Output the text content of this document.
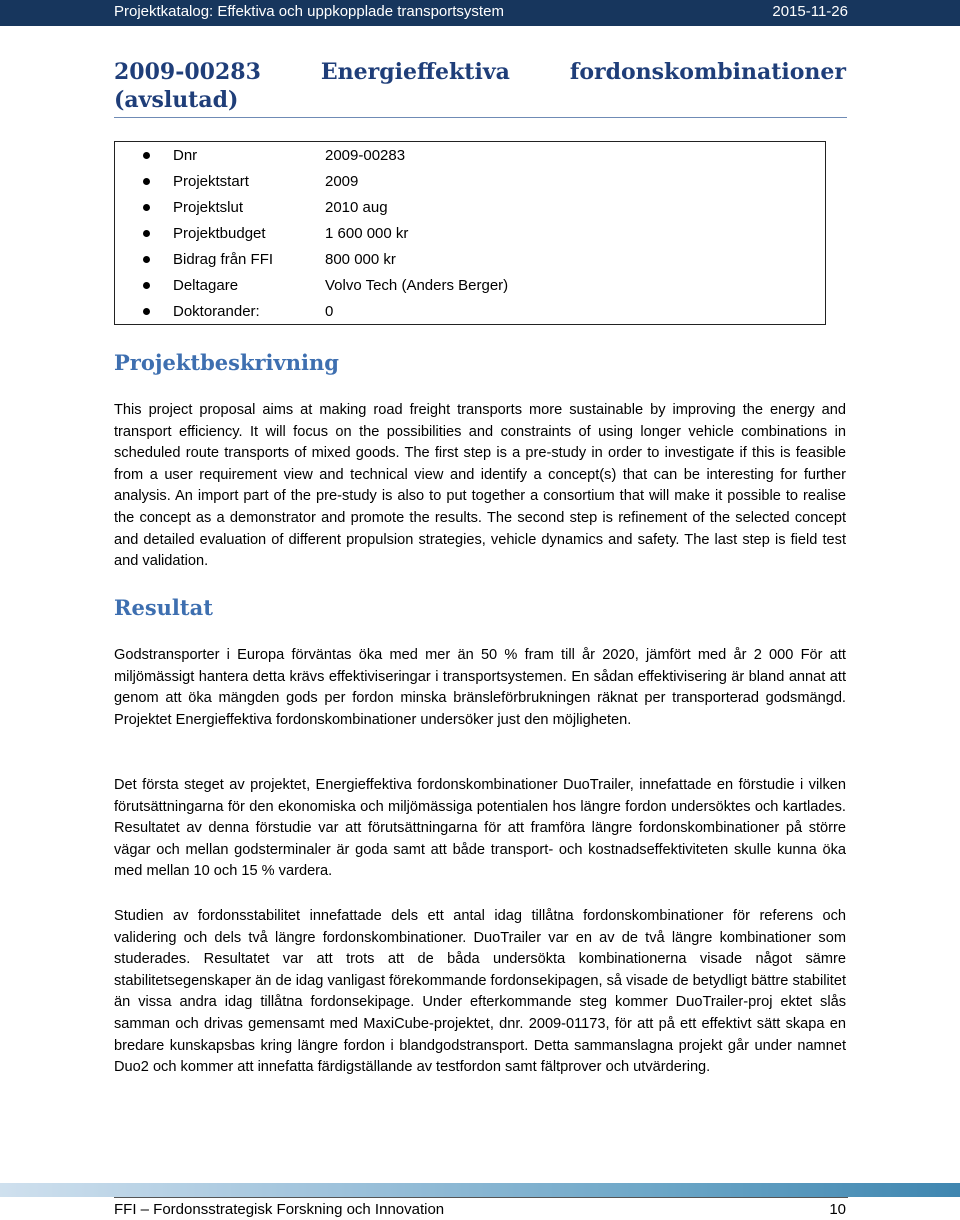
Projektkatalog: Effektiva och uppkopplade transportsystem	2015-11-26
2009-00283	Energieffektiva	fordonskombinationer
(avslutad)
Dnr	2009-00283
Projektstart	2009
Projektslut	2010 aug
Projektbudget	1 600 000 kr
Bidrag från FFI	800 000 kr
Deltagare	Volvo Tech (Anders Berger)
Doktorander:	0
Projektbeskrivning
This project proposal aims at making road freight transports more sustainable by improving the energy and transport efficiency. It will focus on the possibilities and constraints of using longer vehicle combinations in scheduled route transports of mixed goods. The first step is a pre-study in order to investigate if this is feasible from a user requirement view and technical view and identify a concept(s) that can be interesting for further analysis. An import part of the pre-study is also to put together a consortium that will make it possible to realise the concept as a demonstrator and promote the results. The second step is refinement of the selected concept and detailed evaluation of different propulsion strategies, vehicle dynamics and safety. The last step is field test and validation.
Resultat
Godstransporter i Europa förväntas öka med mer än 50 % fram till år 2020, jämfört med år 2 000 För att miljömässigt hantera detta krävs effektiviseringar i transportsystemen. En sådan effektivisering är bland annat att genom att öka mängden gods per fordon minska bränsleförbrukningen räknat per transporterad godsmängd. Projektet Energieffektiva fordonskombinationer undersöker just den möjligheten.
Det första steget av projektet, Energieffektiva fordonskombinationer DuoTrailer, innefattade en förstudie i vilken förutsättningarna för den ekonomiska och miljömässiga potentialen hos längre fordon undersöktes och kartlades. Resultatet av denna förstudie var att förutsättningarna för att framföra längre fordonskombinationer på större vägar och mellan godsterminaler är goda samt att både transport- och kostnadseffektiviteten skulle kunna öka med mellan 10 och 15 % vardera.
Studien av fordonsstabilitet innefattade dels ett antal idag tillåtna fordonskombinationer för referens och validering och dels två längre fordonskombinationer. DuoTrailer var en av de två längre kombinationer som studerades. Resultatet var att trots att de båda undersökta kombinationerna visade något sämre stabilitetsegenskaper än de idag vanligast förekommande fordonsekipagen, så visade de betydligt bättre stabilitet än vissa andra idag tillåtna fordonsekipage. Under efterkommande steg kommer DuoTrailer-proj ektet slås samman och drivas gemensamt med MaxiCube-projektet, dnr. 2009-01173, för att på ett effektivt sätt skapa en bredare kunskapsbas kring längre fordon i blandgodstransport. Detta sammanslagna projekt går under namnet Duo2 och kommer att innefatta färdigställande av testfordon samt fältprover och utvärdering.
FFI – Fordonsstrategisk Forskning och Innovation	10
